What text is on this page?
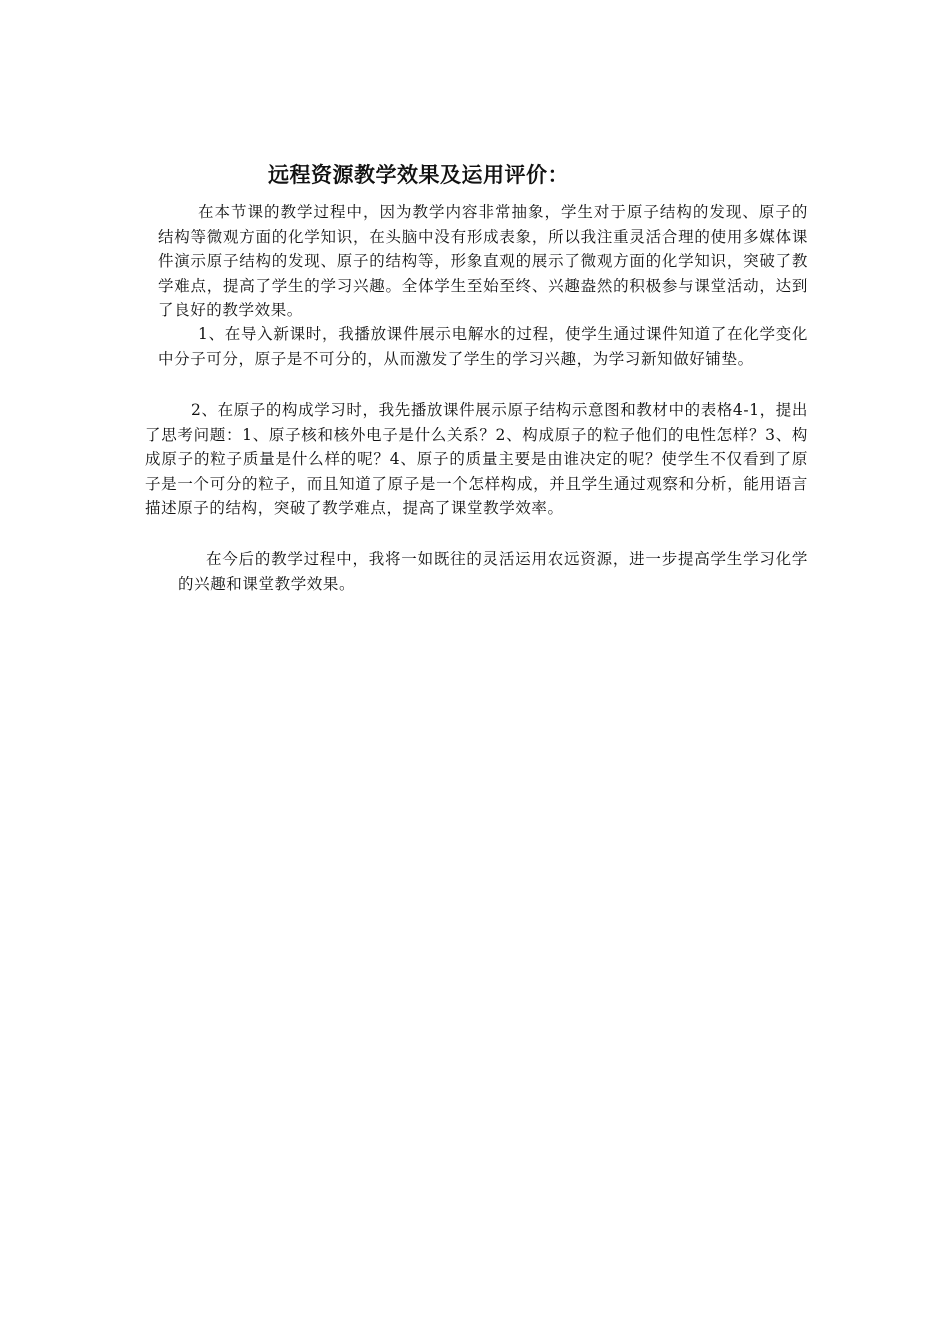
远程资源教学效果及运用评价：

在本节课的教学过程中，因为教学内容非常抽象，学生对于原子结构的发现、原子的结构等微观方面的化学知识，在头脑中没有形成表象，所以我注重灵活合理的使用多媒体课件演示原子结构的发现、原子的结构等，形象直观的展示了微观方面的化学知识，突破了教学难点，提高了学生的学习兴趣。全体学生至始至终、兴趣盎然的积极参与课堂活动，达到了良好的教学效果。

1、在导入新课时，我播放课件展示电解水的过程，使学生通过课件知道了在化学变化中分子可分，原子是不可分的，从而激发了学生的学习兴趣，为学习新知做好铺垫。

2、在原子的构成学习时，我先播放课件展示原子结构示意图和教材中的表格4-1，提出了思考问题：1、原子核和核外电子是什么关系？2、构成原子的粒子他们的电性怎样？3、构成原子的粒子质量是什么样的呢？4、原子的质量主要是由谁决定的呢？使学生不仅看到了原子是一个可分的粒子，而且知道了原子是一个怎样构成，并且学生通过观察和分析，能用语言描述原子的结构，突破了教学难点，提高了课堂教学效率。

在今后的教学过程中，我将一如既往的灵活运用农远资源，进一步提高学生学习化学的兴趣和课堂教学效果。
